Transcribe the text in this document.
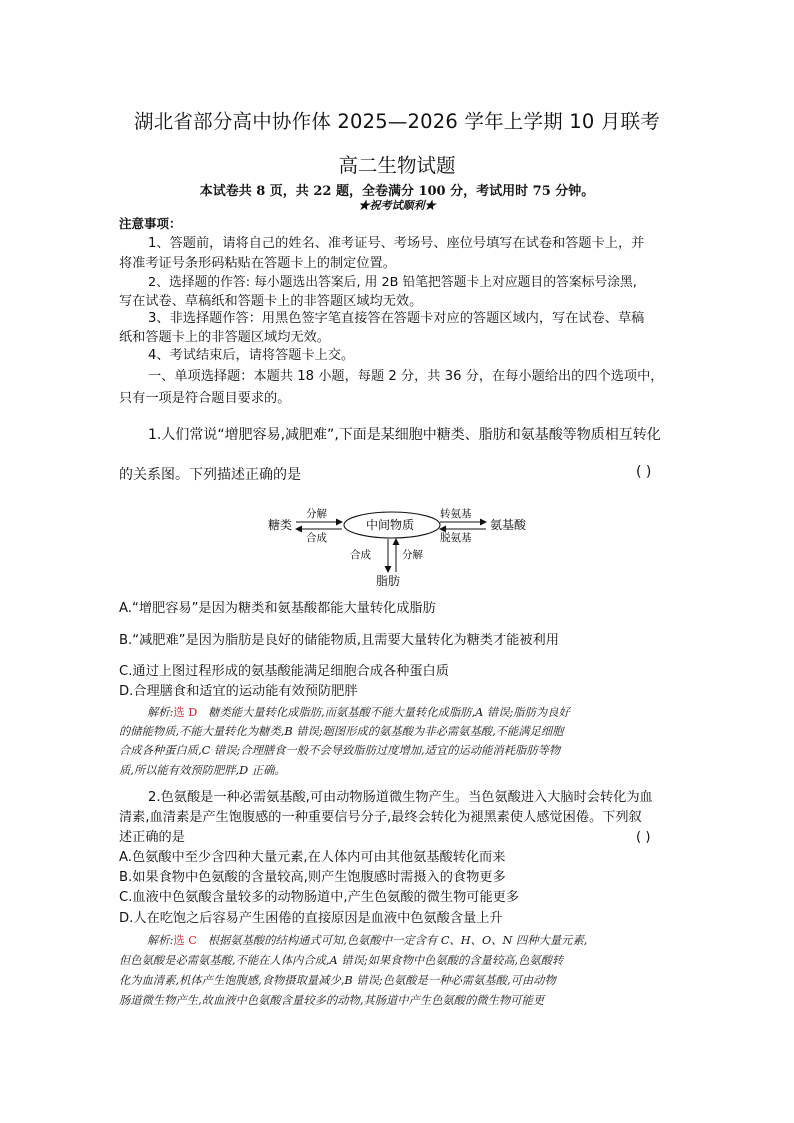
湖北省部分高中协作体 2025—2026 学年上学期 10 月联考
高二生物试题
本试卷共 8 页，共 22 题，全卷满分 100 分，考试用时 75 分钟。
★祝考试顺利★
注意事项：
1、答题前，请将自己的姓名、准考证号、考场号、座位号填写在试卷和答题卡上，并
将准考证号条形码粘贴在答题卡上的制定位置。
2、选择题的作答: 每小题选出答案后, 用 2B 铅笔把答题卡上对应题目的答案标号涂黑,
写在试卷、草稿纸和答题卡上的非答题区域均无效。
3、非选择题作答：用黑色签字笔直接答在答题卡对应的答题区域内，写在试卷、草稿
纸和答题卡上的非答题区域均无效。
4、考试结束后，请将答题卡上交。
一、单项选择题：本题共 18 小题，每题 2 分，共 36 分，在每小题给出的四个选项中，
只有一项是符合题目要求的。
1.人们常说“增肥容易,减肥难”,下面是某细胞中糖类、脂肪和氨基酸等物质相互转化
的关系图。下列描述正确的是	( )
糖类	中间物质	氨基酸
脂肪
分解
合成
转氨基
脱氨基
合成	分解
A.“增肥容易”是因为糖类和氨基酸都能大量转化成脂肪
B.“减肥难”是因为脂肪是良好的储能物质,且需要大量转化为糖类才能被利用
C.通过上图过程形成的氨基酸能满足细胞合成各种蛋白质
D.合理膳食和适宜的运动能有效预防肥胖
解析:选 D 糖类能大量转化成脂肪,而氨基酸不能大量转化成脂肪,A 错误;脂肪为良好
的储能物质,不能大量转化为糖类,B 错误;题图形成的氨基酸为非必需氨基酸,不能满足细胞
合成各种蛋白质,C 错误;合理膳食一般不会导致脂肪过度增加,适宜的运动能消耗脂肪等物
质,所以能有效预防肥胖,D 正确。
2.色氨酸是一种必需氨基酸,可由动物肠道微生物产生。当色氨酸进入大脑时会转化为血
清素,血清素是产生饱腹感的一种重要信号分子,最终会转化为褪黑素使人感觉困倦。下列叙
述正确的是	( )
A.色氨酸中至少含四种大量元素,在人体内可由其他氨基酸转化而来
B.如果食物中色氨酸的含量较高,则产生饱腹感时需摄入的食物更多
C.血液中色氨酸含量较多的动物肠道中,产生色氨酸的微生物可能更多
D.人在吃饱之后容易产生困倦的直接原因是血液中色氨酸含量上升
解析:选 C 根据氨基酸的结构通式可知,色氨酸中一定含有 C、H、O、N 四种大量元素,
但色氨酸是必需氨基酸,不能在人体内合成,A 错误;如果食物中色氨酸的含量较高,色氨酸转
化为血清素,机体产生饱腹感,食物摄取量减少,B 错误;色氨酸是一种必需氨基酸,可由动物
肠道微生物产生,故血液中色氨酸含量较多的动物,其肠道中产生色氨酸的微生物可能更
